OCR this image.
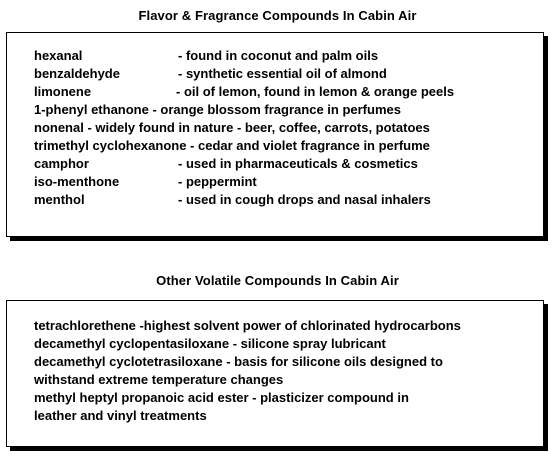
Flavor & Fragrance Compounds In Cabin Air
hexanal	- found in coconut and palm oils
benzaldehyde	- synthetic essential oil of almond
limonene	- oil of lemon, found in lemon & orange peels
1-phenyl ethanone - orange blossom fragrance in perfumes
nonenal - widely found in nature - beer, coffee, carrots, potatoes
trimethyl cyclohexanone - cedar and violet fragrance in perfume
camphor	- used in pharmaceuticals & cosmetics
iso-menthone	- peppermint
menthol	- used in cough drops and nasal inhalers
Other Volatile Compounds In Cabin Air
tetrachlorethene -highest solvent power of chlorinated hydrocarbons
decamethyl cyclopentasiloxane - silicone spray lubricant
decamethyl cyclotetrasiloxane - basis for silicone oils designed to
withstand extreme temperature changes
methyl heptyl propanoic acid ester - plasticizer compound in
leather and vinyl treatments
